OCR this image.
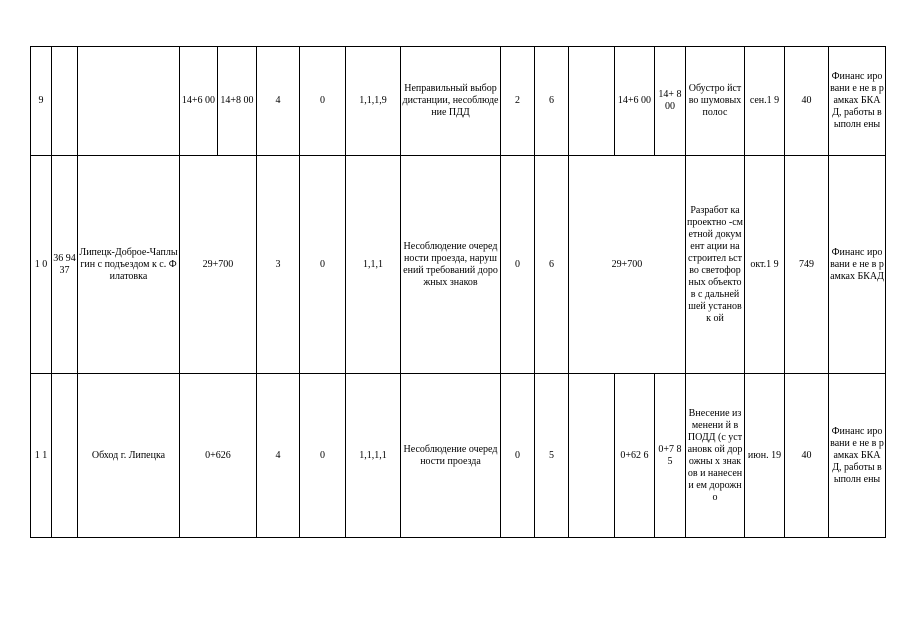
9			14+6 00	14+8 00	4	0	1,1,1,9	Неправильный выбор дистанции, несоблюдение ПДД	2	6		14+6 00	14+ 800	Обустро йство шумовых полос	сен.1 9	40	Финанс ировани е не в рамках БКАД, работы выполн ены
1 0	36 94 37	Липецк-Доброе-Чаплыгин с подъездом к с. Филатовка	29+700		3	0	1,1,1	Несоблюдение очередности проезда, нарушений требований дорожных знаков	0	6	29+700			Разработ ка проектно -сметной документ ации на строител ьство светофор ных объектов с дальней шей установк ой	окт.1 9	749	Финанс ировани е не в рамках БКАД
1 1		Обход г. Липецка	0+626		4	0	1,1,1,1	Несоблюдение очередности проезда	0	5		0+62 6	0+7 85	Внесение изменени й в ПОДД (с установк ой дорожны х знаков и нанесени ем дорожно	июн. 19	40	Финанс ировани е не в рамках БКАД, работы выполн ены
